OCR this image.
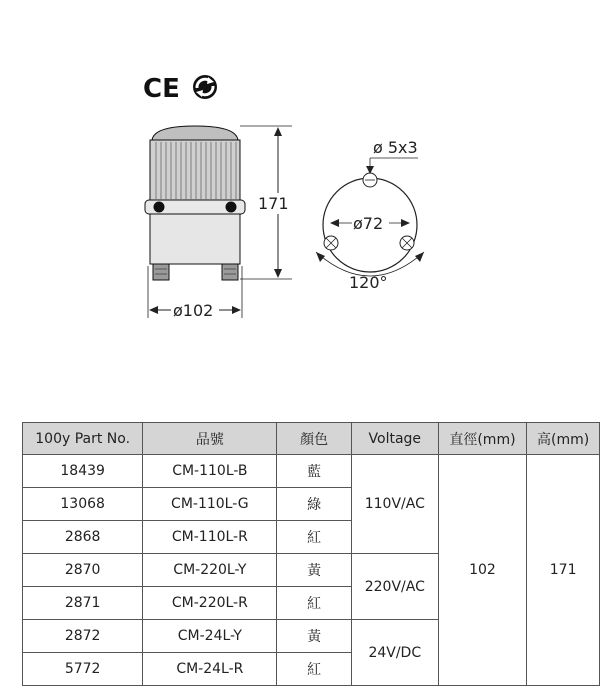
CE
171
ø102
ø 5x3
ø72
120°
100y Part No.	品號	顏色	Voltage	直徑(mm)	高(mm)
18439	CM-110L-B	藍	110V/AC	102	171
13068	CM-110L-G	綠			
2868	CM-110L-R	紅			
2870	CM-220L-Y	黃	220V/AC		
2871	CM-220L-R	紅			
2872	CM-24L-Y	黃	24V/DC		
5772	CM-24L-R	紅			
